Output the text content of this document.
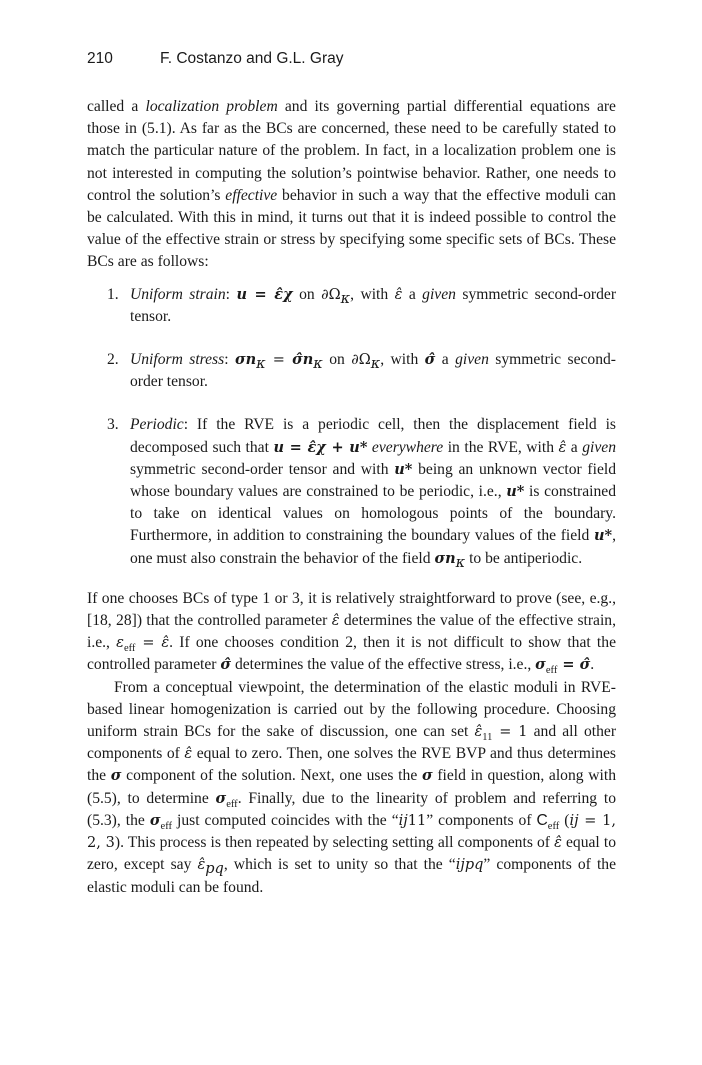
210	F. Costanzo and G.L. Gray

called a localization problem and its governing partial differential equations are those in (5.1). As far as the BCs are concerned, these need to be carefully stated to match the particular nature of the problem. In fact, in a localization problem one is not interested in computing the solution’s pointwise behavior. Rather, one needs to control the solution’s effective behavior in such a way that the effective moduli can be calculated. With this in mind, it turns out that it is indeed possible to control the value of the effective strain or stress by specifying some specific sets of BCs. These BCs are as follows:

1. Uniform strain: u = ε̂χ on $\partial\Omega_\kappa$, with ε̂ a given symmetric second-order tensor.
2. Uniform stress: $\sigma n_\kappa$ = $\sigmân_\kappa$ on $\partial\Omega_\kappa$, with σ̂ a given symmetric second-order tensor.
3. Periodic: If the RVE is a periodic cell, then the displacement field is decomposed such that u = ε̂χ + u* everywhere in the RVE, with ε̂ a given symmetric second-order tensor and with u* being an unknown vector field whose boundary values are constrained to be periodic, i.e., u* is constrained to take on identical values on homologous points of the boundary. Furthermore, in addition to constraining the boundary values of the field u*, one must also constrain the behavior of the field $\sigma n_\kappa$ to be antiperiodic.

If one chooses BCs of type 1 or 3, it is relatively straightforward to prove (see, e.g., [18, 28]) that the controlled parameter ε̂ determines the value of the effective strain, i.e., $\varepsilon_{eff}$ = ε̂. If one chooses condition 2, then it is not difficult to show that the controlled parameter σ̂ determines the value of the effective stress, i.e., $\sigma_{eff}$ = σ̂.

From a conceptual viewpoint, the determination of the elastic moduli in RVE-based linear homogenization is carried out by the following procedure. Choosing uniform strain BCs for the sake of discussion, one can set $\varepsilon̂_{11} = 1$ and all other components of ε̂ equal to zero. Then, one solves the RVE BVP and thus determines the σ component of the solution. Next, one uses the σ field in question, along with (5.5), to determine $\sigma_{eff}$. Finally, due to the linearity of problem and referring to (5.3), the $\sigma_{eff}$ just computed coincides with the “ij11” components of $C_{eff}$ (ij = 1, 2, 3). This process is then repeated by selecting setting all components of ε̂ equal to zero, except say $\varepsilon̂_{pq}$, which is set to unity so that the “ijpq” components of the elastic moduli can be found.
